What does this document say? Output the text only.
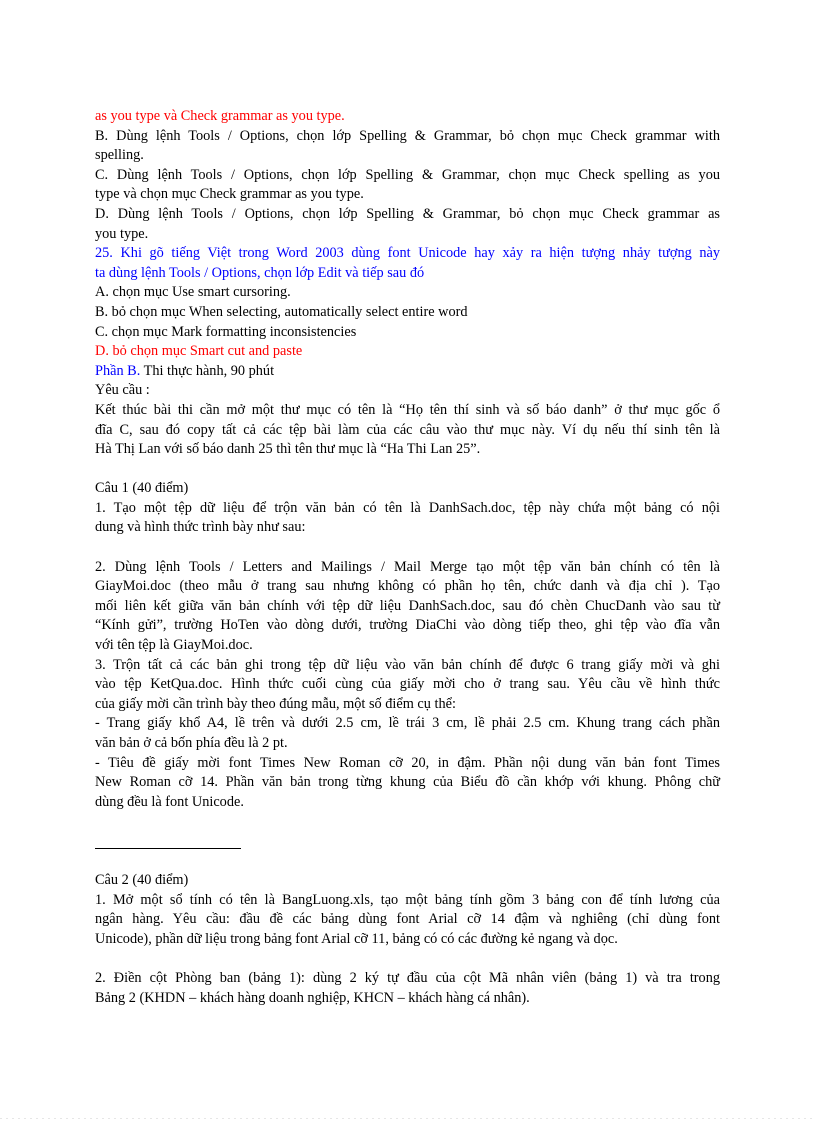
as you type và Check grammar as you type.
B. Dùng lệnh Tools / Options, chọn lớp Spelling & Grammar, bỏ chọn mục Check grammar with
spelling.
C. Dùng lệnh Tools / Options, chọn lớp Spelling & Grammar, chọn mục Check spelling as you
type và chọn mục Check grammar as you type.
D. Dùng lệnh Tools / Options, chọn lớp Spelling & Grammar, bỏ chọn mục Check grammar as
you type.
25. Khi gõ tiếng Việt trong Word 2003 dùng font Unicode hay xảy ra hiện tượng nhảy tượng này
ta dùng lệnh Tools / Options, chọn lớp Edit và tiếp sau đó
A. chọn mục Use smart cursoring.
B. bỏ chọn mục When selecting, automatically select entire word
C. chọn mục Mark formatting inconsistencies
D. bỏ chọn mục Smart cut and paste
Phần B. Thi thực hành, 90 phút
Yêu cầu :
Kết thúc bài thi cần mở một thư mục có tên là “Họ tên thí sinh và số báo danh” ở thư mục gốc ổ
đĩa C, sau đó copy tất cả các tệp bài làm của các câu vào thư mục này. Ví dụ nếu thí sinh tên là
Hà Thị Lan với số báo danh 25 thì tên thư mục là “Ha Thi Lan 25”.
Câu 1 (40 điểm)
1. Tạo một tệp dữ liệu để trộn văn bản có tên là DanhSach.doc, tệp này chứa một bảng có nội
dung và hình thức trình bày như sau:
2. Dùng lệnh Tools / Letters and Mailings / Mail Merge tạo một tệp văn bản chính có tên là
GiayMoi.doc (theo mẫu ở trang sau nhưng không có phần họ tên, chức danh và địa chỉ ). Tạo
mối liên kết giữa văn bản chính với tệp dữ liệu DanhSach.doc, sau đó chèn ChucDanh vào sau từ
“Kính gửi”, trường HoTen vào dòng dưới, trường DiaChi vào dòng tiếp theo, ghi tệp vào đĩa vẫn
với tên tệp là GiayMoi.doc.
3. Trộn tất cả các bản ghi trong tệp dữ liệu vào văn bản chính để được 6 trang giấy mời và ghi
vào tệp KetQua.doc. Hình thức cuối cùng của giấy mời cho ở trang sau. Yêu cầu về hình thức
của giấy mời cần trình bày theo đúng mẫu, một số điểm cụ thể:
- Trang giấy khổ A4, lề trên và dưới 2.5 cm, lề trái 3 cm, lề phải 2.5 cm. Khung trang cách phần
văn bản ở cả bốn phía đều là 2 pt.
- Tiêu đề giấy mời font Times New Roman cỡ 20, in đậm. Phần nội dung văn bản font Times
New Roman cỡ 14. Phần văn bản trong từng khung của Biểu đồ cần khớp với khung. Phông chữ
dùng đều là font Unicode.
Câu 2 (40 điểm)
1. Mở một sổ tính có tên là BangLuong.xls, tạo một bảng tính gồm 3 bảng con để tính lương của
ngân hàng. Yêu cầu: đầu đề các bảng dùng font Arial cỡ 14 đậm và nghiêng (chỉ dùng font
Unicode), phần dữ liệu trong bảng font Arial cỡ 11, bảng có có các đường kẻ ngang và dọc.
2. Điền cột Phòng ban (bảng 1): dùng 2 ký tự đầu của cột Mã nhân viên (bảng 1) và tra trong
Bảng 2 (KHDN – khách hàng doanh nghiệp, KHCN – khách hàng cá nhân).
